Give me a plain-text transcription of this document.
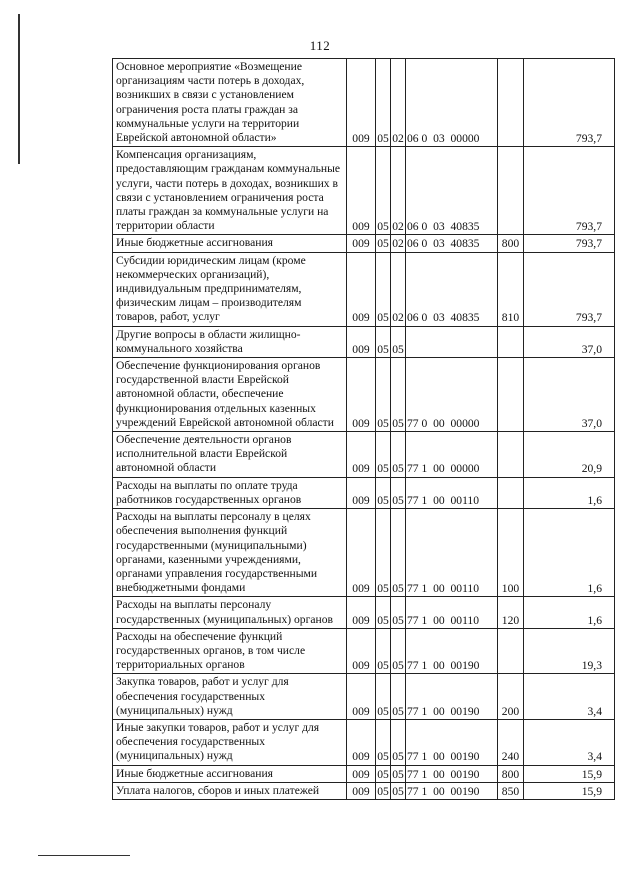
112
Основное мероприятие «Возмещение организациям части потерь в доходах, возникших в связи с установлением ограничения роста платы граждан за коммунальные услуги на территории Еврейской автономной области»	009	05	02	06 0  03  00000		793,7
Компенсация организациям, предоставляющим гражданам коммунальные услуги, части потерь в доходах, возникших в связи с установлением ограничения роста платы граждан за коммунальные услуги на территории области	009	05	02	06 0  03  40835		793,7
Иные бюджетные ассигнования	009	05	02	06 0  03  40835	800	793,7
Субсидии юридическим лицам (кроме некоммерческих организаций), индивидуальным предпринимателям, физическим лицам – производителям товаров, работ, услуг	009	05	02	06 0  03  40835	810	793,7
Другие вопросы в области жилищно-коммунального хозяйства	009	05	05			37,0
Обеспечение функционирования органов государственной власти Еврейской автономной области, обеспечение функционирования отдельных казенных учреждений Еврейской автономной области	009	05	05	77 0  00  00000		37,0
Обеспечение деятельности органов исполнительной власти Еврейской автономной области	009	05	05	77 1  00  00000		20,9
Расходы на выплаты по оплате труда работников государственных органов	009	05	05	77 1  00  00110		1,6
Расходы на выплаты персоналу в целях обеспечения выполнения функций государственными (муниципальными) органами, казенными учреждениями, органами управления государственными внебюджетными фондами	009	05	05	77 1  00  00110	100	1,6
Расходы на выплаты персоналу государственных (муниципальных) органов	009	05	05	77 1  00  00110	120	1,6
Расходы на обеспечение функций государственных органов, в том числе территориальных органов	009	05	05	77 1  00  00190		19,3
Закупка товаров, работ и услуг для обеспечения государственных (муниципальных) нужд	009	05	05	77 1  00  00190	200	3,4
Иные закупки товаров, работ и услуг для обеспечения государственных (муниципальных) нужд	009	05	05	77 1  00  00190	240	3,4
Иные бюджетные ассигнования	009	05	05	77 1  00  00190	800	15,9
Уплата налогов, сборов и иных платежей	009	05	05	77 1  00  00190	850	15,9
